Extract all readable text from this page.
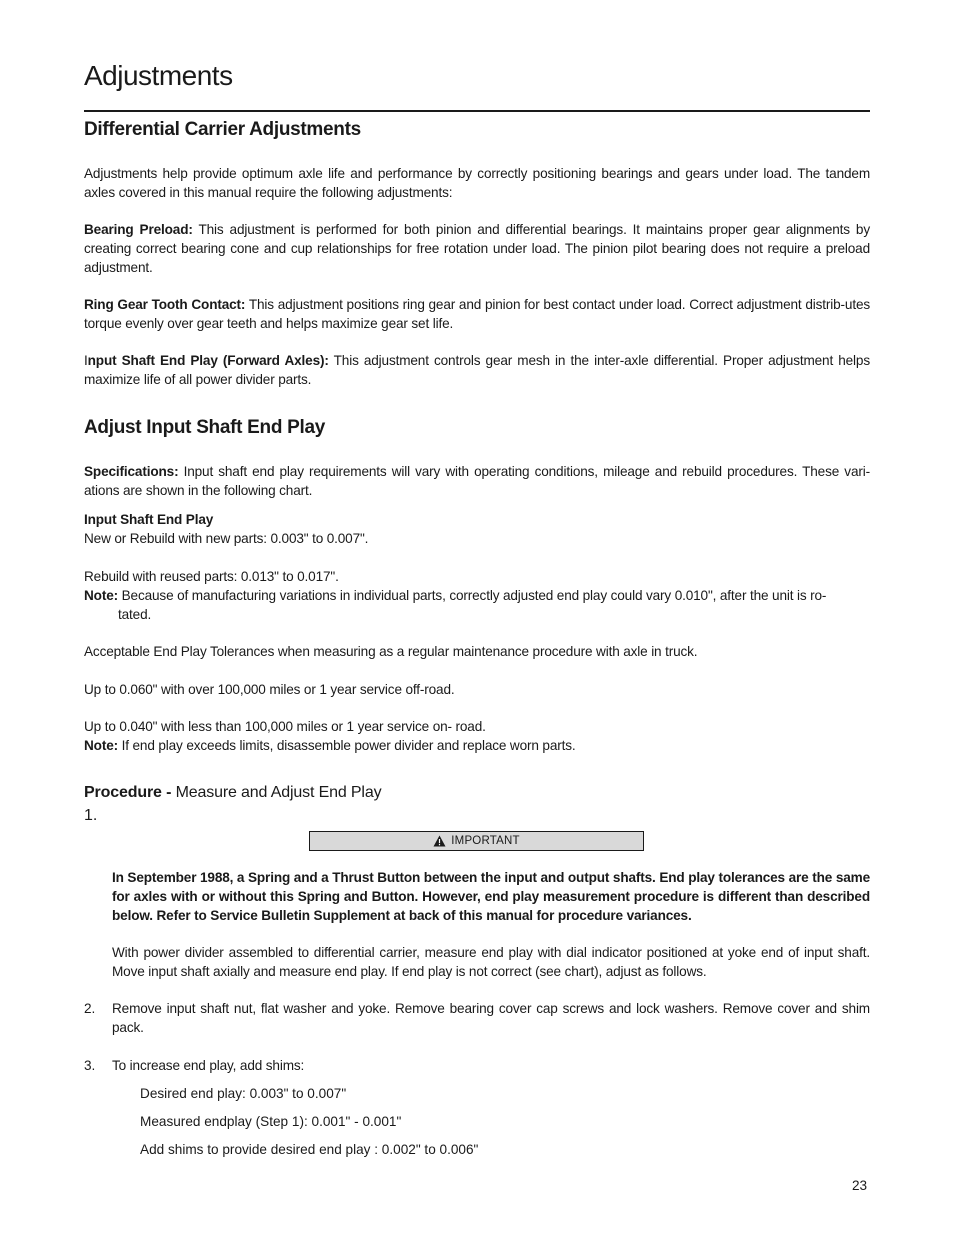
Adjustments
Differential Carrier Adjustments
Adjustments help provide optimum axle life and performance by correctly positioning bearings and gears under load. The tandem axles covered in this manual require the following adjustments:
Bearing Preload: This adjustment is performed for both pinion and differential bearings. It maintains proper gear alignments by creating correct bearing cone and cup relationships for free rotation under load. The pinion pilot bearing does not require a preload adjustment.
Ring Gear Tooth Contact: This adjustment positions ring gear and pinion for best contact under load. Correct adjustment distrib-utes torque evenly over gear teeth and helps maximize gear set life.
Input Shaft End Play (Forward Axles): This adjustment controls gear mesh in the inter-axle differential. Proper adjustment helps maximize life of all power divider parts.
Adjust Input Shaft End Play
Specifications: Input shaft end play requirements will vary with operating conditions, mileage and rebuild procedures. These vari-ations are shown in the following chart.
Input Shaft End Play
New or Rebuild with new parts: 0.003" to 0.007".
Rebuild with reused parts: 0.013" to 0.017".
Note: Because of manufacturing variations in individual parts, correctly adjusted end play could vary 0.010", after the unit is ro-
tated.
Acceptable End Play Tolerances when measuring as a regular maintenance procedure with axle in truck.
Up to 0.060" with over 100,000 miles or 1 year service off-road.
Up to 0.040" with less than 100,000 miles or 1 year service on- road.
Note: If end play exceeds limits, disassemble power divider and replace worn parts.
Procedure - Measure and Adjust End Play
1.
IMPORTANT
In September 1988, a Spring and a Thrust Button between the input and output shafts. End play tolerances are the same for axles with or without this Spring and Button. However, end play measurement procedure is different than described below. Refer to Service Bulletin Supplement at back of this manual for procedure variances.
With power divider assembled to differential carrier, measure end play with dial indicator positioned at yoke end of input shaft. Move input shaft axially and measure end play. If end play is not correct (see chart), adjust as follows.
2. Remove input shaft nut, flat washer and yoke. Remove bearing cover cap screws and lock washers. Remove cover and shim pack.
3. To increase end play, add shims:
Desired end play: 0.003" to 0.007"
Measured endplay (Step 1): 0.001" - 0.001"
Add shims to provide desired end play : 0.002" to 0.006"
23
